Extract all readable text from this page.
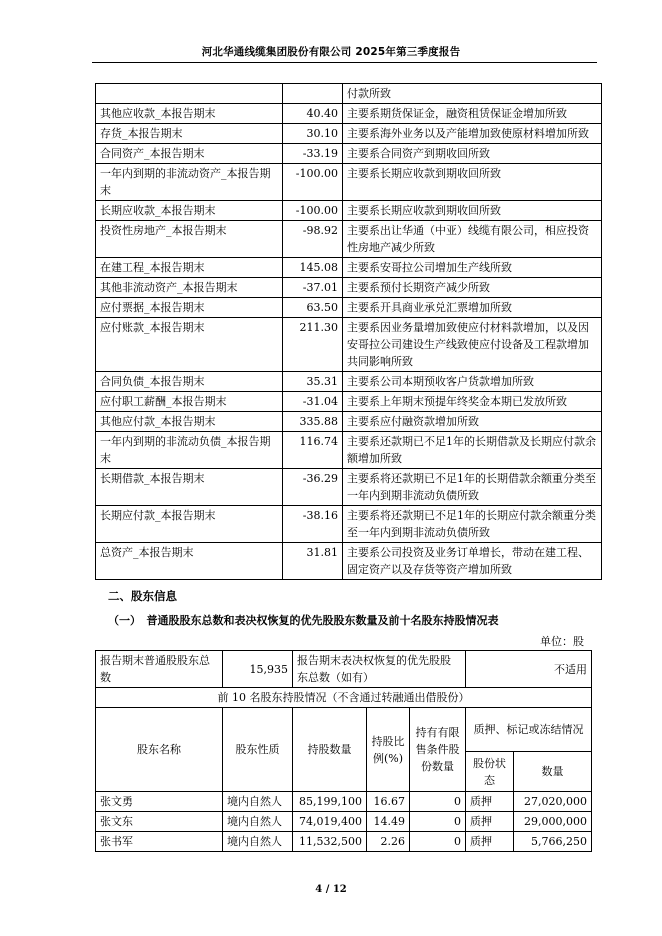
河北华通线缆集团股份有限公司 2025年第三季度报告
		付款所致
其他应收款_本报告期末	40.40	主要系期货保证金，融资租赁保证金增加所致
存货_本报告期末	30.10	主要系海外业务以及产能增加致使原材料增加所致
合同资产_本报告期末	-33.19	主要系合同资产到期收回所致
一年内到期的非流动资产_本报告期末	-100.00	主要系长期应收款到期收回所致
长期应收款_本报告期末	-100.00	主要系长期应收款到期收回所致
投资性房地产_本报告期末	-98.92	主要系出让华通（中亚）线缆有限公司，相应投资性房地产减少所致
在建工程_本报告期末	145.08	主要系安哥拉公司增加生产线所致
其他非流动资产_本报告期末	-37.01	主要系预付长期资产减少所致
应付票据_本报告期末	63.50	主要系开具商业承兑汇票增加所致
应付账款_本报告期末	211.30	主要系因业务量增加致使应付材料款增加，以及因安哥拉公司建设生产线致使应付设备及工程款增加共同影响所致
合同负债_本报告期末	35.31	主要系公司本期预收客户货款增加所致
应付职工薪酬_本报告期末	-31.04	主要系上年期末预提年终奖金本期已发放所致
其他应付款_本报告期末	335.88	主要系应付融资款增加所致
一年内到期的非流动负债_本报告期末	116.74	主要系还款期已不足1年的长期借款及长期应付款余额增加所致
长期借款_本报告期末	-36.29	主要系将还款期已不足1年的长期借款余额重分类至一年内到期非流动负债所致
长期应付款_本报告期末	-38.16	主要系将还款期已不足1年的长期应付款余额重分类至一年内到期非流动负债所致
总资产_本报告期末	31.81	主要系公司投资及业务订单增长，带动在建工程、固定资产以及存货等资产增加所致
二、股东信息
（一）　普通股股东总数和表决权恢复的优先股股东数量及前十名股东持股情况表
单位：股
报告期末普通股股东总数	15,935	报告期末表决权恢复的优先股股东总数（如有）			不适用	
前 10 名股东持股情况（不含通过转融通出借股份）						
股东名称	股东性质	持股数量	持股比例(%)	持有有限售条件股份数量	质押、标记或冻结情况	
					股份状态	数量
张文勇	境内自然人	85,199,100	16.67	0	质押	27,020,000
张文东	境内自然人	74,019,400	14.49	0	质押	29,000,000
张书军	境内自然人	11,532,500	2.26	0	质押	5,766,250
4 / 12
